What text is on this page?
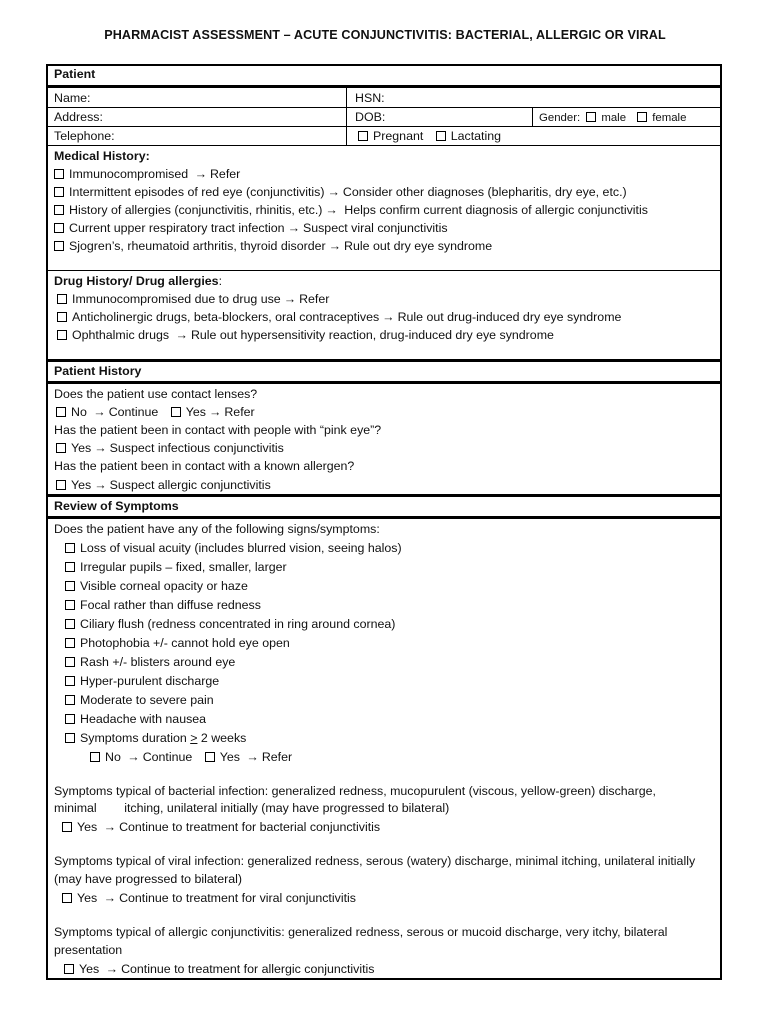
PHARMACIST ASSESSMENT – ACUTE CONJUNCTIVITIS: BACTERIAL, ALLERGIC OR VIRAL
Patient
Name:	HSN:
Address:	DOB:	Gender: male female
Telephone:	Pregnant Lactating
Medical History:
Immunocompromised → Refer
Intermittent episodes of red eye (conjunctivitis) → Consider other diagnoses (blepharitis, dry eye, etc.)
History of allergies (conjunctivitis, rhinitis, etc.) → Helps confirm current diagnosis of allergic conjunctivitis
Current upper respiratory tract infection → Suspect viral conjunctivitis
Sjogren’s, rheumatoid arthritis, thyroid disorder → Rule out dry eye syndrome
Drug History/ Drug allergies:
Immunocompromised due to drug use → Refer
Anticholinergic drugs, beta-blockers, oral contraceptives → Rule out drug-induced dry eye syndrome
Ophthalmic drugs → Rule out hypersensitivity reaction, drug-induced dry eye syndrome
Patient History
Does the patient use contact lenses?
No → Continue Yes → Refer
Has the patient been in contact with people with “pink eye”?
Yes → Suspect infectious conjunctivitis
Has the patient been in contact with a known allergen?
Yes → Suspect allergic conjunctivitis
Review of Symptoms
Does the patient have any of the following signs/symptoms:
Loss of visual acuity (includes blurred vision, seeing halos)
Irregular pupils – fixed, smaller, larger
Visible corneal opacity or haze
Focal rather than diffuse redness
Ciliary flush (redness concentrated in ring around cornea)
Photophobia +/- cannot hold eye open
Rash +/- blisters around eye
Hyper-purulent discharge
Moderate to severe pain
Headache with nausea
Symptoms duration ≥ 2 weeks
No → Continue Yes → Refer
Symptoms typical of bacterial infection: generalized redness, mucopurulent (viscous, yellow-green) discharge,
minimal        itching, unilateral initially (may have progressed to bilateral)
Yes → Continue to treatment for bacterial conjunctivitis
Symptoms typical of viral infection: generalized redness, serous (watery) discharge, minimal itching, unilateral initially
(may have progressed to bilateral)
Yes → Continue to treatment for viral conjunctivitis
Symptoms typical of allergic conjunctivitis: generalized redness, serous or mucoid discharge, very itchy, bilateral
presentation
Yes → Continue to treatment for allergic conjunctivitis
